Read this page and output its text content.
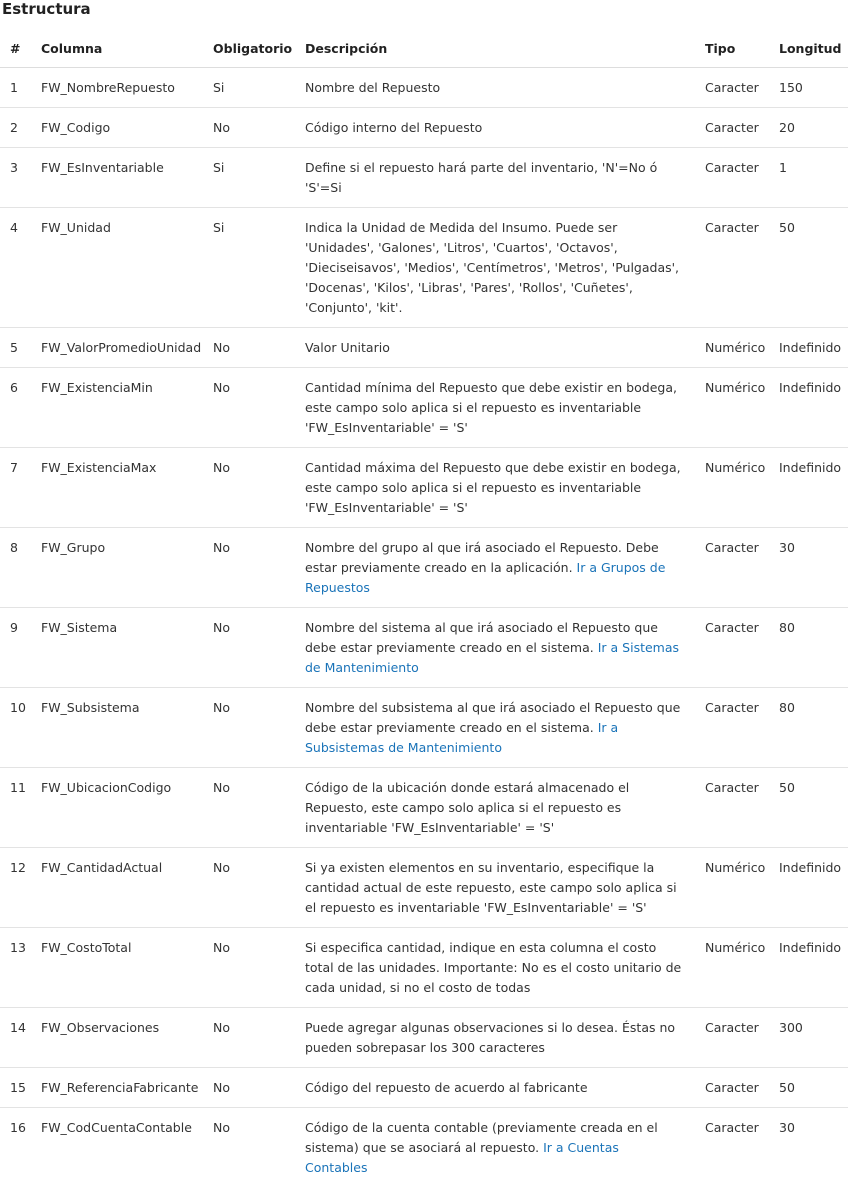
Estructura
#	Columna	Obligatorio	Descripción	Tipo	Longitud
1	FW_NombreRepuesto	Si	Nombre del Repuesto	Caracter	150
2	FW_Codigo	No	Código interno del Repuesto	Caracter	20
3	FW_EsInventariable	Si	Define si el repuesto hará parte del inventario, 'N'=No ó 'S'=Si	Caracter	1
4	FW_Unidad	Si	Indica la Unidad de Medida del Insumo. Puede ser 'Unidades', 'Galones', 'Litros', 'Cuartos', 'Octavos', 'Dieciseisavos', 'Medios', 'Centímetros', 'Metros', 'Pulgadas', 'Docenas', 'Kilos', 'Libras', 'Pares', 'Rollos', 'Cuñetes', 'Conjunto', 'kit'.	Caracter	50
5	FW_ValorPromedioUnidad	No	Valor Unitario	Numérico	Indefinido
6	FW_ExistenciaMin	No	Cantidad mínima del Repuesto que debe existir en bodega, este campo solo aplica si el repuesto es inventariable 'FW_EsInventariable' = 'S'	Numérico	Indefinido
7	FW_ExistenciaMax	No	Cantidad máxima del Repuesto que debe existir en bodega, este campo solo aplica si el repuesto es inventariable 'FW_EsInventariable' = 'S'	Numérico	Indefinido
8	FW_Grupo	No	Nombre del grupo al que irá asociado el Repuesto. Debe estar previamente creado en la aplicación. Ir a Grupos de Repuestos	Caracter	30
9	FW_Sistema	No	Nombre del sistema al que irá asociado el Repuesto que debe estar previamente creado en el sistema. Ir a Sistemas de Mantenimiento	Caracter	80
10	FW_Subsistema	No	Nombre del subsistema al que irá asociado el Repuesto que debe estar previamente creado en el sistema. Ir a Subsistemas de Mantenimiento	Caracter	80
11	FW_UbicacionCodigo	No	Código de la ubicación donde estará almacenado el Repuesto, este campo solo aplica si el repuesto es inventariable 'FW_EsInventariable' = 'S'	Caracter	50
12	FW_CantidadActual	No	Si ya existen elementos en su inventario, especifique la cantidad actual de este repuesto, este campo solo aplica si el repuesto es inventariable 'FW_EsInventariable' = 'S'	Numérico	Indefinido
13	FW_CostoTotal	No	Si especifica cantidad, indique en esta columna el costo total de las unidades. Importante: No es el costo unitario de cada unidad, si no el costo de todas	Numérico	Indefinido
14	FW_Observaciones	No	Puede agregar algunas observaciones si lo desea. Éstas no pueden sobrepasar los 300 caracteres	Caracter	300
15	FW_ReferenciaFabricante	No	Código del repuesto de acuerdo al fabricante	Caracter	50
16	FW_CodCuentaContable	No	Código de la cuenta contable (previamente creada en el sistema) que se asociará al repuesto. Ir a Cuentas Contables	Caracter	30
